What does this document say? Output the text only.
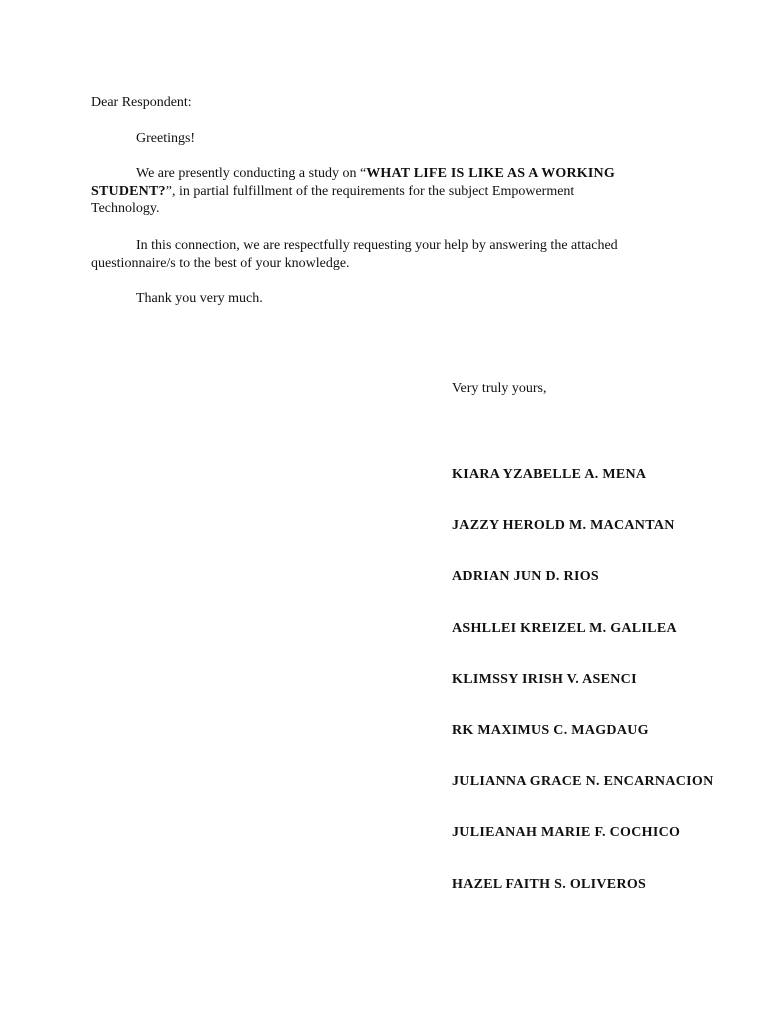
Dear Respondent:

Greetings!

We are presently conducting a study on “WHAT LIFE IS LIKE AS A WORKING
STUDENT?”, in partial fulfillment of the requirements for the subject Empowerment
Technology.
In this connection, we are respectfully requesting your help by answering the attached
questionnaire/s to the best of your knowledge.

Thank you very much.

Very truly yours,

KIARA YZABELLE A. MENA
JAZZY HEROLD M. MACANTAN
ADRIAN JUN D. RIOS
ASHLLEI KREIZEL M. GALILEA
KLIMSSY IRISH V. ASENCI
RK MAXIMUS C. MAGDAUG
JULIANNA GRACE N. ENCARNACION
JULIEANAH MARIE F. COCHICO
HAZEL FAITH S. OLIVEROS
